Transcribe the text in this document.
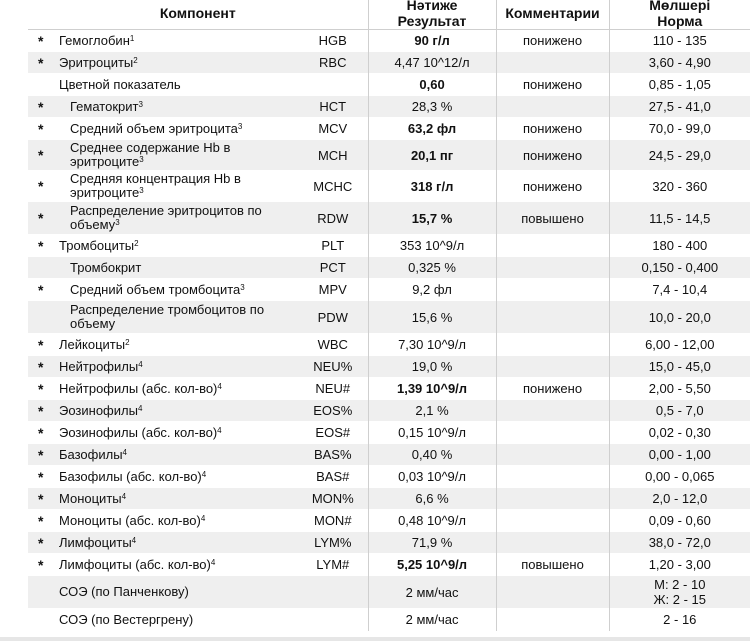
Компонент			Нәтиже
Результат	Комментарии	Мөлшері
Норма
*	Гемоглобин$^1$	HGB	90 г/л	понижено	110 - 135
*	Эритроциты$^2$	RBC	4,47 10^12/л		3,60 - 4,90
	Цветной показатель		0,60	понижено	0,85 - 1,05
*	Гематокрит$^3$	HCT	28,3 %		27,5 - 41,0
*	Средний объем эритроцита$^3$	MCV	63,2 фл	понижено	70,0 - 99,0
*	Среднее содержание Hb в эритроците$^3$	MCH	20,1 пг	понижено	24,5 - 29,0
*	Средняя концентрация Hb в эритроците$^3$	MCHC	318 г/л	понижено	320 - 360
*	Распределение эритроцитов по объему$^3$	RDW	15,7 %	повышено	11,5 - 14,5
*	Тромбоциты$^2$	PLT	353 10^9/л		180 - 400
	Тромбокрит	PCT	0,325 %		0,150 - 0,400
*	Средний объем тромбоцита$^3$	MPV	9,2 фл		7,4 - 10,4
	Распределение тромбоцитов по объему	PDW	15,6 %		10,0 - 20,0
*	Лейкоциты$^2$	WBC	7,30 10^9/л		6,00 - 12,00
*	Нейтрофилы$^4$	NEU%	19,0 %		15,0 - 45,0
*	Нейтрофилы (абс. кол-во)$^4$	NEU#	1,39 10^9/л	понижено	2,00 - 5,50
*	Эозинофилы$^4$	EOS%	2,1 %		0,5 - 7,0
*	Эозинофилы (абс. кол-во)$^4$	EOS#	0,15 10^9/л		0,02 - 0,30
*	Базофилы$^4$	BAS%	0,40 %		0,00 - 1,00
*	Базофилы (абс. кол-во)$^4$	BAS#	0,03 10^9/л		0,00 - 0,065
*	Моноциты$^4$	MON%	6,6 %		2,0 - 12,0
*	Моноциты (абс. кол-во)$^4$	MON#	0,48 10^9/л		0,09 - 0,60
*	Лимфоциты$^4$	LYM%	71,9 %		38,0 - 72,0
*	Лимфоциты (абс. кол-во)$^4$	LYM#	5,25 10^9/л	повышено	1,20 - 3,00
	СОЭ (по Панченкову)		2 мм/час		М: 2 - 10
Ж: 2 - 15
	СОЭ (по Вестергрену)		2 мм/час		2 - 16
